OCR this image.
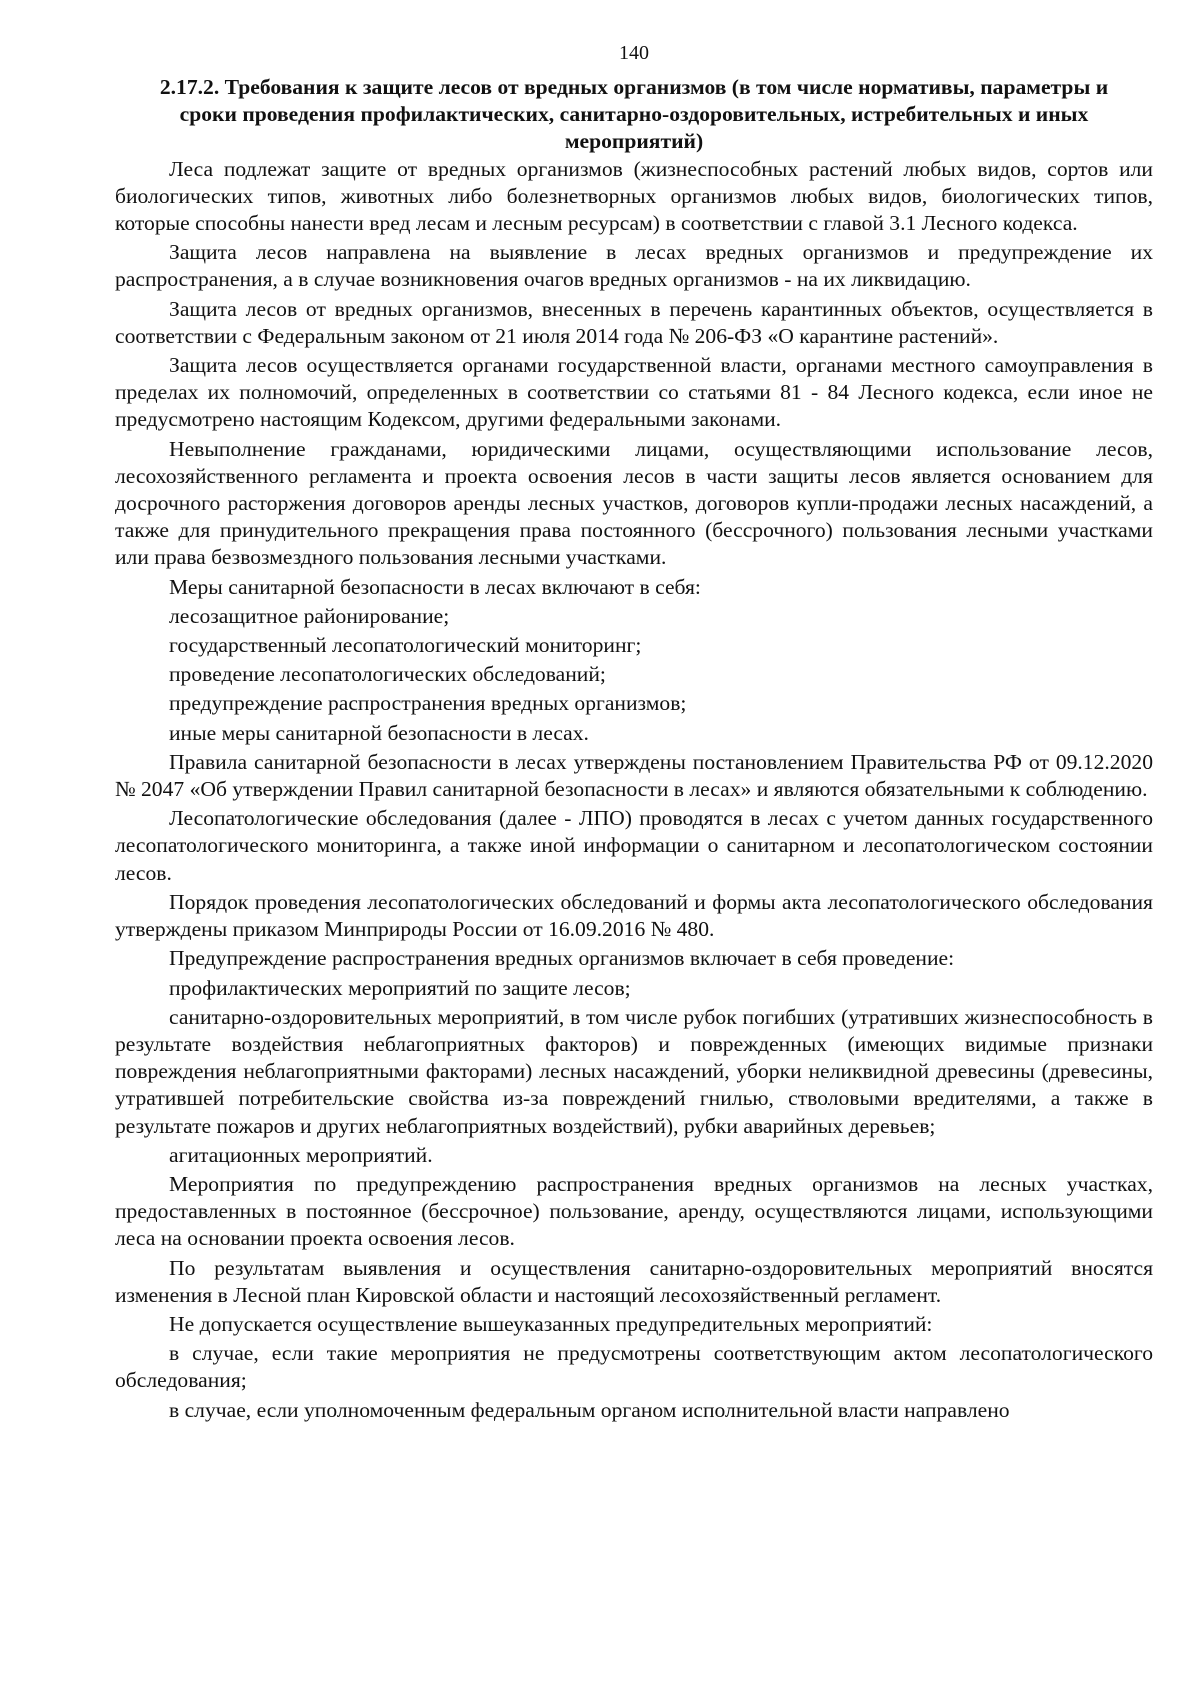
140
2.17.2. Требования к защите лесов от вредных организмов (в том числе нормативы, параметры и сроки проведения профилактических, санитарно-оздоровительных, истребительных и иных мероприятий)

Леса подлежат защите от вредных организмов (жизнеспособных растений любых видов, сортов или биологических типов, животных либо болезнетворных организмов любых видов, биологических типов, которые способны нанести вред лесам и лесным ресурсам) в соответствии с главой 3.1 Лесного кодекса.

Защита лесов направлена на выявление в лесах вредных организмов и предупреждение их распространения, а в случае возникновения очагов вредных организмов - на их ликвидацию.

Защита лесов от вредных организмов, внесенных в перечень карантинных объектов, осуществляется в соответствии с Федеральным законом от 21 июля 2014 года № 206-ФЗ «О карантине растений».

Защита лесов осуществляется органами государственной власти, органами местного самоуправления в пределах их полномочий, определенных в соответствии со статьями 81 - 84 Лесного кодекса, если иное не предусмотрено настоящим Кодексом, другими федеральными законами.

Невыполнение гражданами, юридическими лицами, осуществляющими использование лесов, лесохозяйственного регламента и проекта освоения лесов в части защиты лесов является основанием для досрочного расторжения договоров аренды лесных участков, договоров купли-продажи лесных насаждений, а также для принудительного прекращения права постоянного (бессрочного) пользования лесными участками или права безвозмездного пользования лесными участками.

Меры санитарной безопасности в лесах включают в себя:

лесозащитное районирование;

государственный лесопатологический мониторинг;

проведение лесопатологических обследований;

предупреждение распространения вредных организмов;

иные меры санитарной безопасности в лесах.

Правила санитарной безопасности в лесах утверждены постановлением Правительства РФ от 09.12.2020 № 2047 «Об утверждении Правил санитарной безопасности в лесах» и являются обязательными к соблюдению.

Лесопатологические обследования (далее - ЛПО) проводятся в лесах с учетом данных государственного лесопатологического мониторинга, а также иной информации о санитарном и лесопатологическом состоянии лесов.

Порядок проведения лесопатологических обследований и формы акта лесопатологического обследования утверждены приказом Минприроды России от 16.09.2016 № 480.

Предупреждение распространения вредных организмов включает в себя проведение:

профилактических мероприятий по защите лесов;

санитарно-оздоровительных мероприятий, в том числе рубок погибших (утративших жизнеспособность в результате воздействия неблагоприятных факторов) и поврежденных (имеющих видимые признаки повреждения неблагоприятными факторами) лесных насаждений, уборки неликвидной древесины (древесины, утратившей потребительские свойства из-за повреждений гнилью, стволовыми вредителями, а также в результате пожаров и других неблагоприятных воздействий), рубки аварийных деревьев;

агитационных мероприятий.

Мероприятия по предупреждению распространения вредных организмов на лесных участках, предоставленных в постоянное (бессрочное) пользование, аренду, осуществляются лицами, использующими леса на основании проекта освоения лесов.

По результатам выявления и осуществления санитарно-оздоровительных мероприятий вносятся изменения в Лесной план Кировской области и настоящий лесохозяйственный регламент.

Не допускается осуществление вышеуказанных предупредительных мероприятий:

в случае, если такие мероприятия не предусмотрены соответствующим актом лесопатологического обследования;

в случае, если уполномоченным федеральным органом исполнительной власти направлено
